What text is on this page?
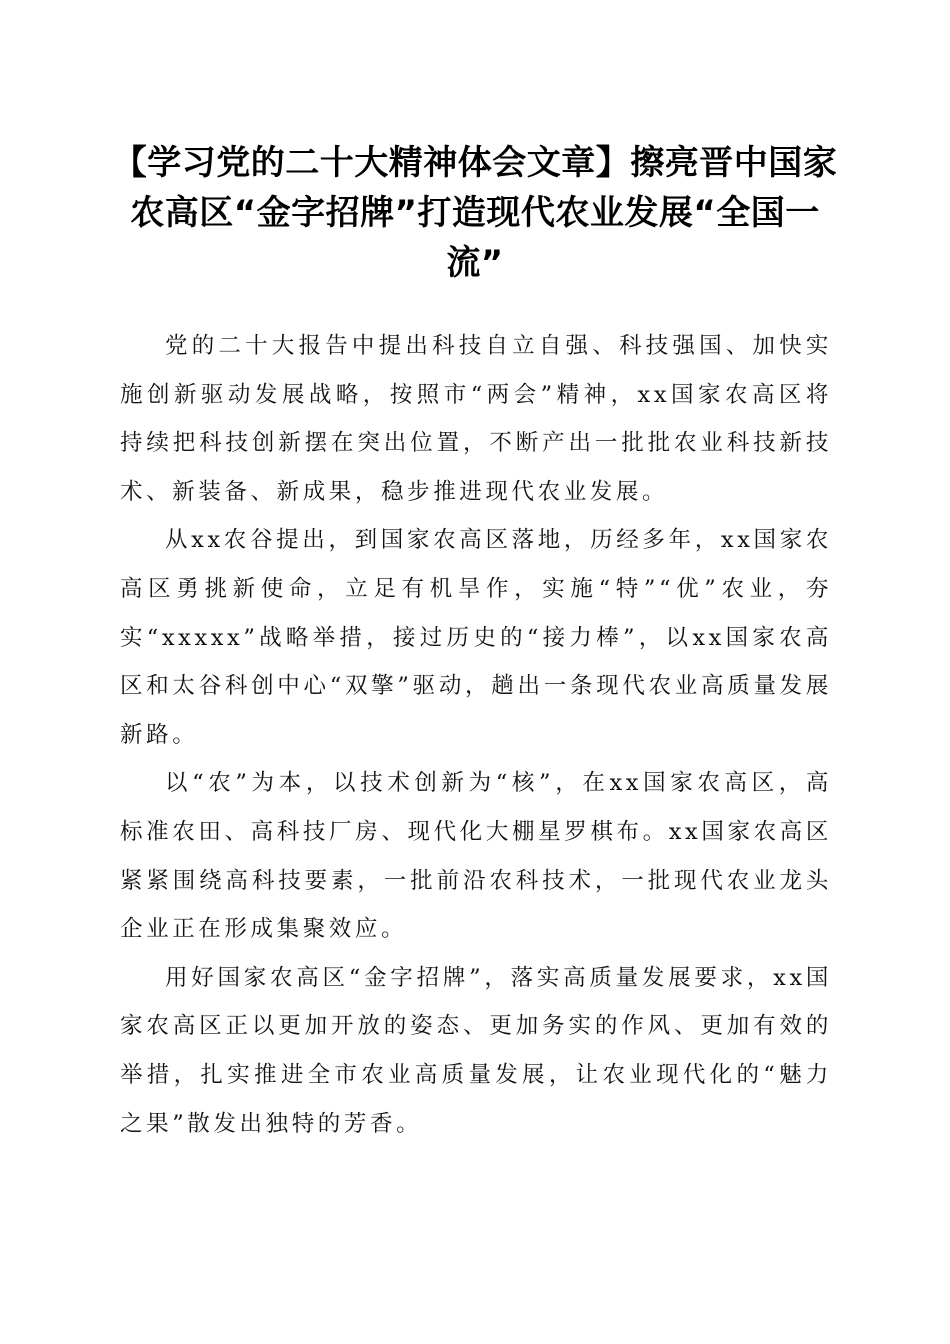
【学习党的二十大精神体会文章】擦亮晋中国家农高区“金字招牌”打造现代农业发展“全国一流”

党的二十大报告中提出科技自立自强、科技强国、加快实施创新驱动发展战略，按照市“两会”精神，xx国家农高区将持续把科技创新摆在突出位置，不断产出一批批农业科技新技术、新装备、新成果，稳步推进现代农业发展。

从xx农谷提出，到国家农高区落地，历经多年，xx国家农高区勇挑新使命，立足有机旱作，实施“特”“优”农业，夯实“xxxxx”战略举措，接过历史的“接力棒”，以xx国家农高区和太谷科创中心“双擎”驱动，趟出一条现代农业高质量发展新路。

以“农”为本，以技术创新为“核”，在xx国家农高区，高标准农田、高科技厂房、现代化大棚星罗棋布。xx国家农高区紧紧围绕高科技要素，一批前沿农科技术，一批现代农业龙头企业正在形成集聚效应。

用好国家农高区“金字招牌”，落实高质量发展要求，xx国家农高区正以更加开放的姿态、更加务实的作风、更加有效的举措，扎实推进全市农业高质量发展，让农业现代化的“魅力之果”散发出独特的芳香。
